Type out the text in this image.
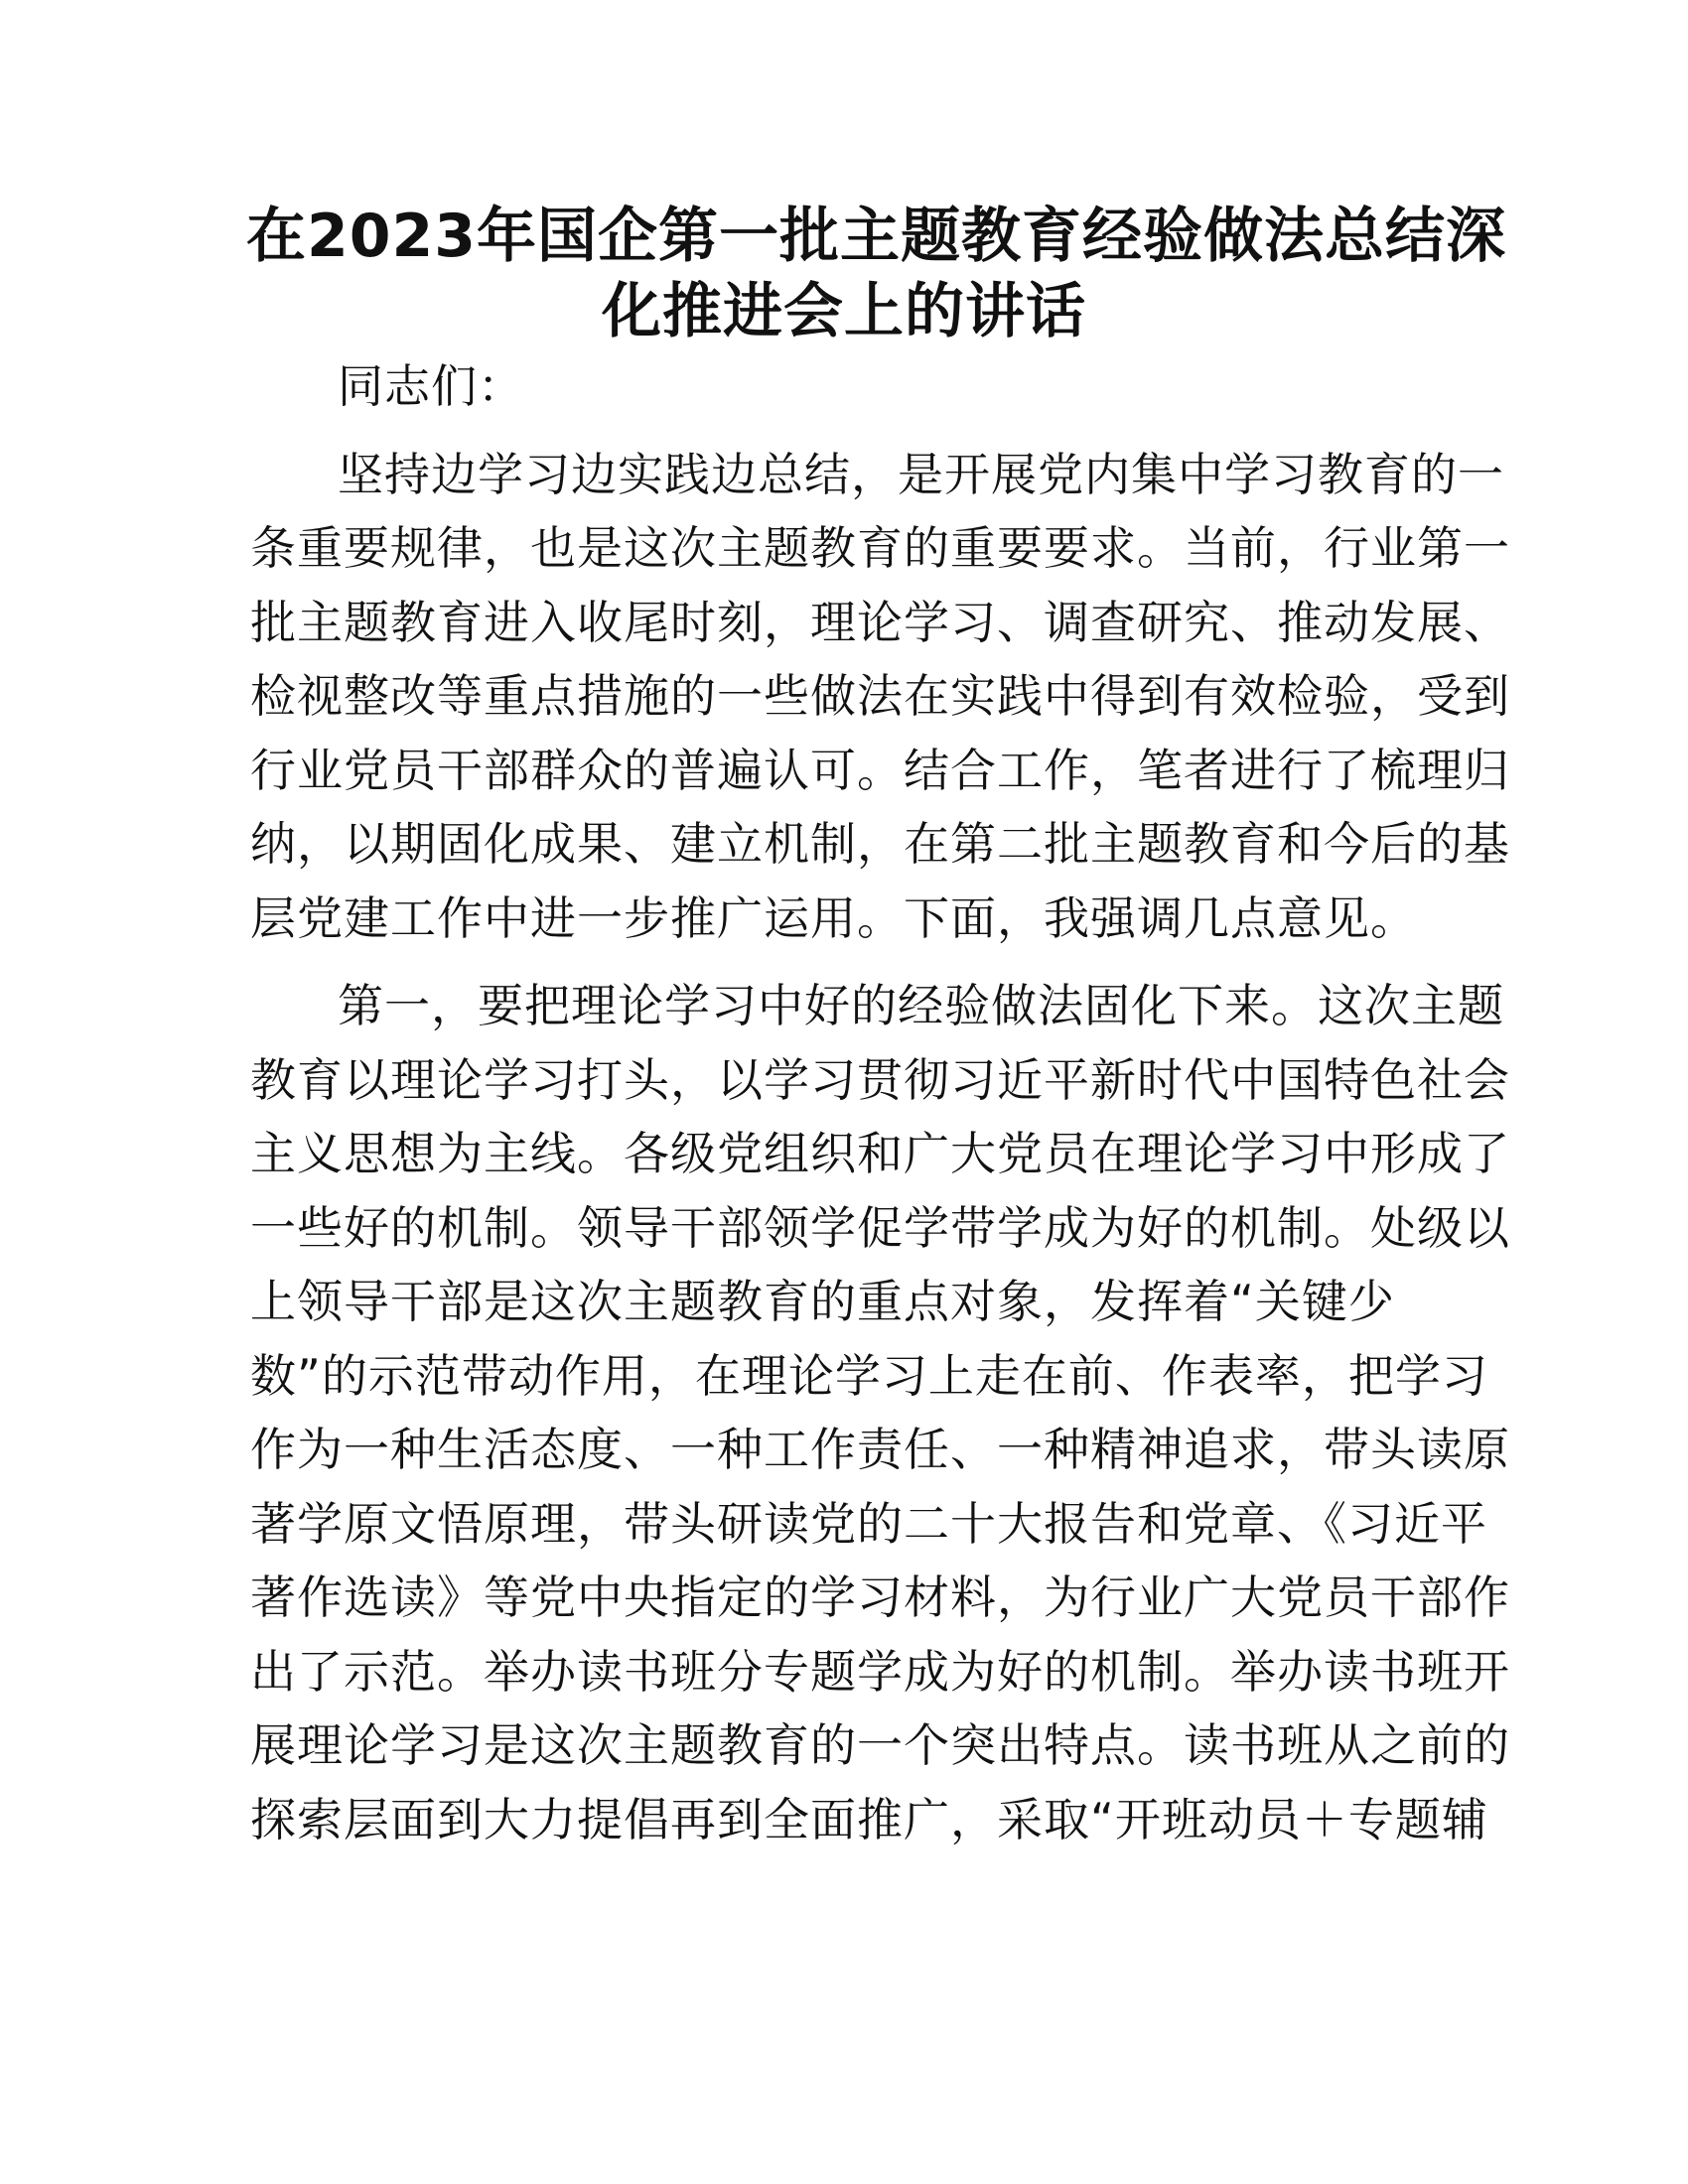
在2023年国企第一批主题教育经验做法总结深
化推进会上的讲话
同志们：
坚持边学习边实践边总结，是开展党内集中学习教育的一
条重要规律，也是这次主题教育的重要要求。当前，行业第一
批主题教育进入收尾时刻，理论学习、调查研究、推动发展、
检视整改等重点措施的一些做法在实践中得到有效检验，受到
行业党员干部群众的普遍认可。结合工作，笔者进行了梳理归
纳，以期固化成果、建立机制，在第二批主题教育和今后的基
层党建工作中进一步推广运用。下面，我强调几点意见。
第一，要把理论学习中好的经验做法固化下来。这次主题
教育以理论学习打头，以学习贯彻习近平新时代中国特色社会
主义思想为主线。各级党组织和广大党员在理论学习中形成了
一些好的机制。领导干部领学促学带学成为好的机制。处级以
上领导干部是这次主题教育的重点对象，发挥着“关键少
数”的示范带动作用，在理论学习上走在前、作表率，把学习
作为一种生活态度、一种工作责任、一种精神追求，带头读原
著学原文悟原理，带头研读党的二十大报告和党章、《习近平
著作选读》等党中央指定的学习材料，为行业广大党员干部作
出了示范。举办读书班分专题学成为好的机制。举办读书班开
展理论学习是这次主题教育的一个突出特点。读书班从之前的
探索层面到大力提倡再到全面推广，采取“开班动员＋专题辅
